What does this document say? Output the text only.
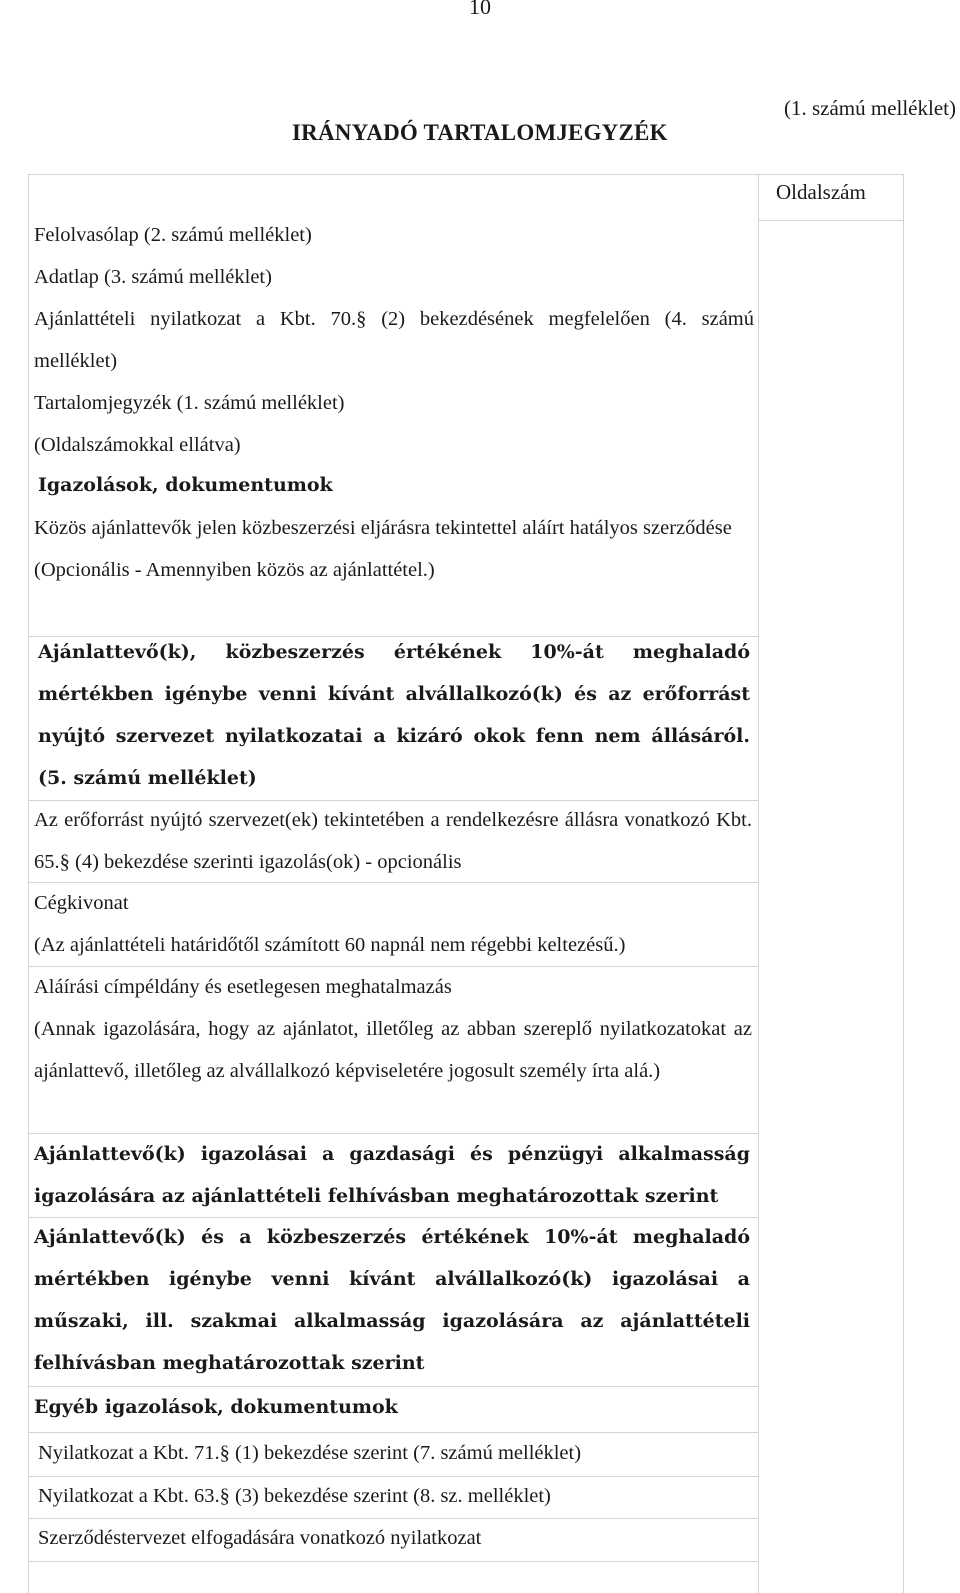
10
(1. számú melléklet)
IRÁNYADÓ TARTALOMJEGYZÉK
Oldalszám
Felolvasólap (2. számú melléklet)
Adatlap (3. számú melléklet)
Ajánlattételi nyilatkozat a Kbt. 70.§ (2) bekezdésének megfelelően (4. számú melléklet)
Tartalomjegyzék (1. számú melléklet)
(Oldalszámokkal ellátva)
Igazolások, dokumentumok
Közös ajánlattevők jelen közbeszerzési eljárásra tekintettel aláírt hatályos szerződése
(Opcionális - Amennyiben közös az ajánlattétel.)
Ajánlattevő(k), közbeszerzés értékének 10%-át meghaladó mértékben igénybe venni kívánt alvállalkozó(k) és az erőforrást nyújtó szervezet nyilatkozatai a kizáró okok fenn nem állásáról. (5. számú melléklet)
Az erőforrást nyújtó szervezet(ek) tekintetében a rendelkezésre állásra vonatkozó Kbt. 65.§ (4) bekezdése szerinti igazolás(ok) - opcionális
Cégkivonat
(Az ajánlattételi határidőtől számított 60 napnál nem régebbi keltezésű.)
Aláírási címpéldány és esetlegesen meghatalmazás
(Annak igazolására, hogy az ajánlatot, illetőleg az abban szereplő nyilatkozatokat az ajánlattevő, illetőleg az alvállalkozó képviseletére jogosult személy írta alá.)
Ajánlattevő(k) igazolásai a gazdasági és pénzügyi alkalmasság igazolására az ajánlattételi felhívásban meghatározottak szerint
Ajánlattevő(k) és a közbeszerzés értékének 10%-át meghaladó mértékben igénybe venni kívánt alvállalkozó(k) igazolásai a műszaki, ill. szakmai alkalmasság igazolására az ajánlattételi felhívásban meghatározottak szerint
Egyéb igazolások, dokumentumok
Nyilatkozat a Kbt. 71.§ (1) bekezdése szerint (7. számú melléklet)
Nyilatkozat a Kbt. 63.§ (3) bekezdése szerint (8. sz. melléklet)
Szerződéstervezet elfogadására vonatkozó nyilatkozat
